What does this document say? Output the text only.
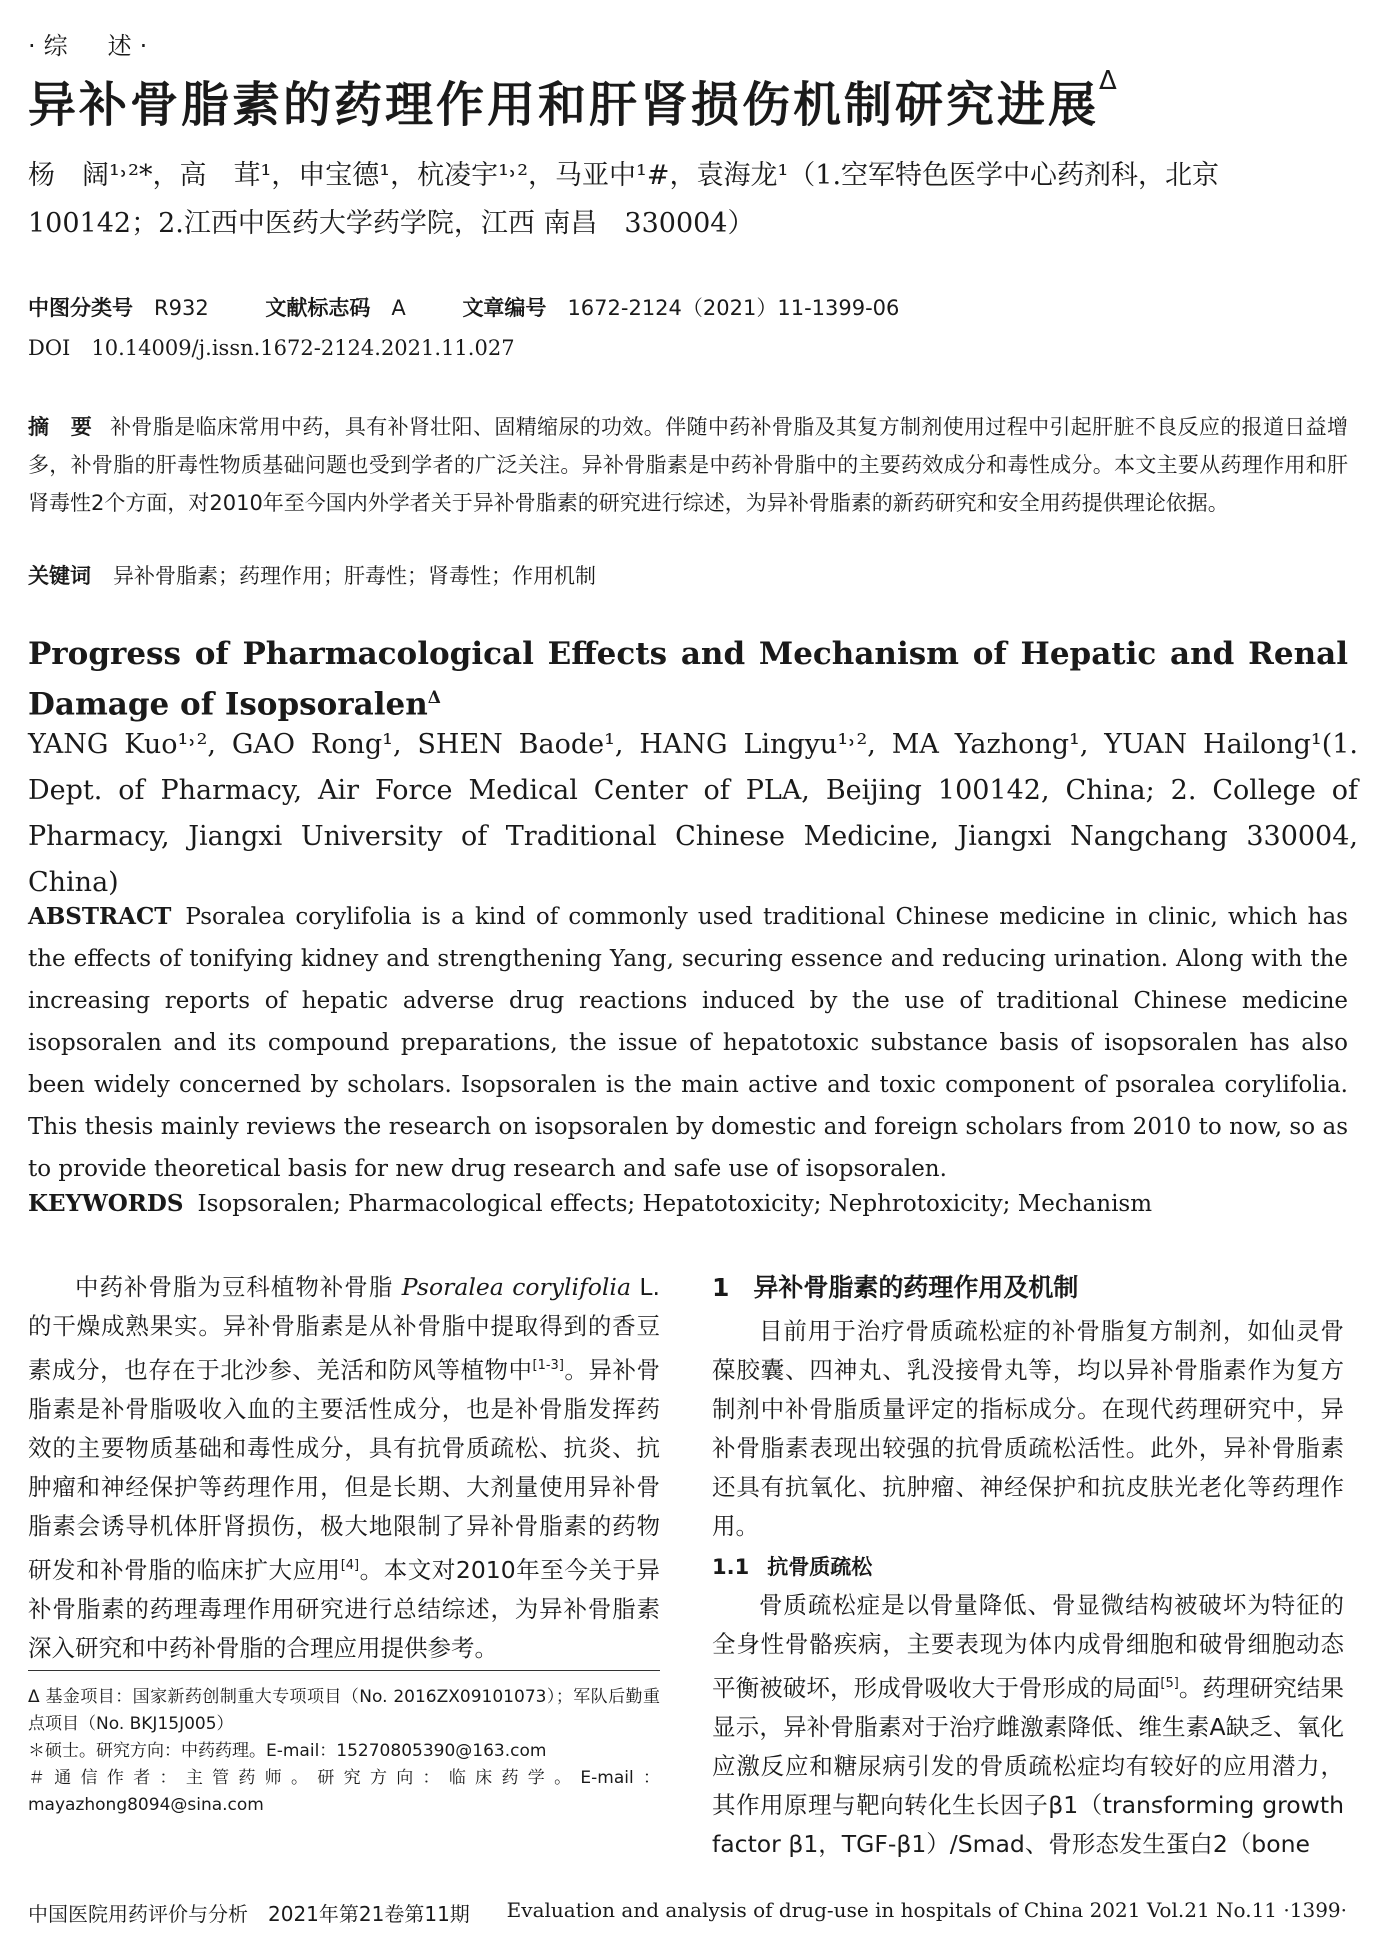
·综　述·
异补骨脂素的药理作用和肝肾损伤机制研究进展$^\Delta$
杨　阔¹˒²*，高　茸¹，申宝德¹，杭凌宇¹˒²，马亚中¹#，袁海龙¹（1.空军特色医学中心药剂科，北京　100142；2.江西中医药大学药学院，江西 南昌　330004）
中图分类号　 R932	文献标志码　 A	文章编号　 1672-2124（2021）11-1399-06
DOI　 10.14009/j.issn.1672-2124.2021.11.027
摘　要 补骨脂是临床常用中药，具有补肾壮阳、固精缩尿的功效。伴随中药补骨脂及其复方制剂使用过程中引起肝脏不良反应的报道日益增多，补骨脂的肝毒性物质基础问题也受到学者的广泛关注。异补骨脂素是中药补骨脂中的主要药效成分和毒性成分。本文主要从药理作用和肝肾毒性2个方面，对2010年至今国内外学者关于异补骨脂素的研究进行综述，为异补骨脂素的新药研究和安全用药提供理论依据。
关键词 异补骨脂素；药理作用；肝毒性；肾毒性；作用机制
Progress of Pharmacological Effects and Mechanism of Hepatic and Renal Damage of Isopsoralen$^\Delta$
YANG Kuo¹˒², GAO Rong¹, SHEN Baode¹, HANG Lingyu¹˒², MA Yazhong¹, YUAN Hailong¹(1. Dept. of Pharmacy, Air Force Medical Center of PLA, Beijing 100142, China; 2. College of Pharmacy, Jiangxi University of Traditional Chinese Medicine, Jiangxi Nangchang 330004, China)
ABSTRACT Psoralea corylifolia is a kind of commonly used traditional Chinese medicine in clinic, which has the effects of tonifying kidney and strengthening Yang, securing essence and reducing urination. Along with the increasing reports of hepatic adverse drug reactions induced by the use of traditional Chinese medicine isopsoralen and its compound preparations, the issue of hepatotoxic substance basis of isopsoralen has also been widely concerned by scholars. Isopsoralen is the main active and toxic component of psoralea corylifolia. This thesis mainly reviews the research on isopsoralen by domestic and foreign scholars from 2010 to now, so as to provide theoretical basis for new drug research and safe use of isopsoralen.
KEYWORDS Isopsoralen; Pharmacological effects; Hepatotoxicity; Nephrotoxicity; Mechanism

中药补骨脂为豆科植物补骨脂 Psoralea corylifolia L.的干燥成熟果实。异补骨脂素是从补骨脂中提取得到的香豆素成分，也存在于北沙参、羌活和防风等植物中[1-3]。异补骨脂素是补骨脂吸收入血的主要活性成分，也是补骨脂发挥药效的主要物质基础和毒性成分，具有抗骨质疏松、抗炎、抗肿瘤和神经保护等药理作用，但是长期、大剂量使用异补骨脂素会诱导机体肝肾损伤，极大地限制了异补骨脂素的药物研发和补骨脂的临床扩大应用[4]。本文对2010年至今关于异补骨脂素的药理毒理作用研究进行总结综述，为异补骨脂素深入研究和中药补骨脂的合理应用提供参考。

Δ 基金项目：国家新药创制重大专项项目（No. 2016ZX09101073）；军队后勤重点项目（No. BKJ15J005）

＊硕士。研究方向：中药药理。E-mail：15270805390@163.com

＃通信作者：主管药师。研究方向：临床药学。E-mail：mayazhong8094@sina.com

1 异补骨脂素的药理作用及机制

目前用于治疗骨质疏松症的补骨脂复方制剂，如仙灵骨葆胶囊、四神丸、乳没接骨丸等，均以异补骨脂素作为复方制剂中补骨脂质量评定的指标成分。在现代药理研究中，异补骨脂素表现出较强的抗骨质疏松活性。此外，异补骨脂素还具有抗氧化、抗肿瘤、神经保护和抗皮肤光老化等药理作用。

1.1 抗骨质疏松

骨质疏松症是以骨量降低、骨显微结构被破坏为特征的全身性骨骼疾病，主要表现为体内成骨细胞和破骨细胞动态平衡被破坏，形成骨吸收大于骨形成的局面[5]。药理研究结果显示，异补骨脂素对于治疗雌激素降低、维生素A缺乏、氧化应激反应和糖尿病引发的骨质疏松症均有较好的应用潜力，其作用原理与靶向转化生长因子β1（transforming growth factor β1，TGF-β1）/Smad、骨形态发生蛋白2（bone

中国医院用药评价与分析　2021年第21卷第11期 Evaluation and analysis of drug-use in hospitals of China 2021 Vol.21 No.11 ·1399·
